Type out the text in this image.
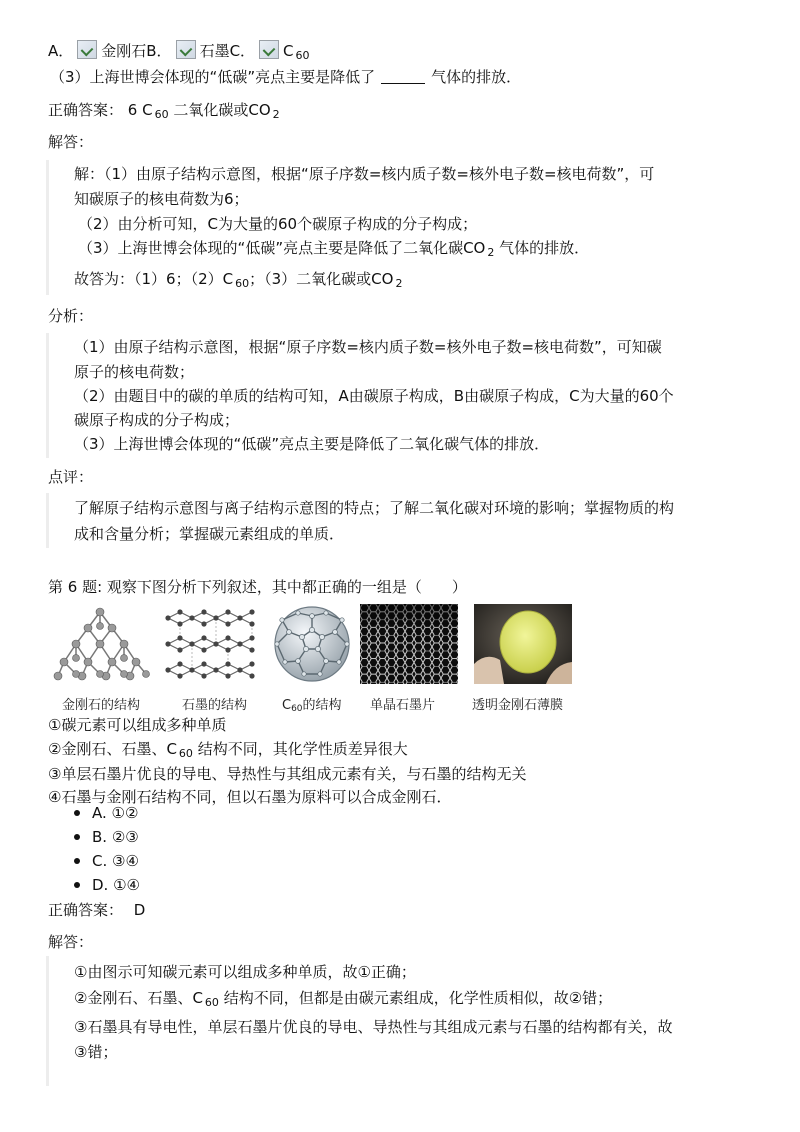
A． 金刚石B． 石墨C． C $_{60}$
（3）上海世博会体现的“低碳”亮点主要是降低了	气体的排放．
正确答案： 6 C $_{60}$ 二氧化碳或CO $_2$
解答：
解：（1）由原子结构示意图，根据“原子序数=核内质子数=核外电子数=核电荷数”，可
知碳原子的核电荷数为6；
（2）由分析可知，C为大量的60个碳原子构成的分子构成；
（3）上海世博会体现的“低碳”亮点主要是降低了二氧化碳CO $_2$ 气体的排放．
故答为：（1）6；（2）C $_{60}$；（3）二氧化碳或CO $_2$
分析：
（1）由原子结构示意图，根据“原子序数=核内质子数=核外电子数=核电荷数”，可知碳
原子的核电荷数；
（2）由题目中的碳的单质的结构可知，A由碳原子构成，B由碳原子构成，C为大量的60个
碳原子构成的分子构成；
（3）上海世博会体现的“低碳”亮点主要是降低了二氧化碳气体的排放．
点评：
了解原子结构示意图与离子结构示意图的特点；了解二氧化碳对环境的影响；掌握物质的构
成和含量分析；掌握碳元素组成的单质．
第 6 题: 观察下图分析下列叙述，其中都正确的一组是（　　）
金刚石的结构	石墨的结构	C60的结构 单晶石墨片	透明金刚石薄膜
①碳元素可以组成多种单质
②金刚石、石墨、C $_{60}$ 结构不同，其化学性质差异很大
③单层石墨片优良的导电、导热性与其组成元素有关，与石墨的结构无关
④石墨与金刚石结构不同，但以石墨为原料可以合成金刚石．
A. ①②
B. ②③
C. ③④
D. ①④
正确答案： D
解答：
①由图示可知碳元素可以组成多种单质，故①正确；
②金刚石、石墨、C $_{60}$ 结构不同，但都是由碳元素组成，化学性质相似，故②错；
③石墨具有导电性，单层石墨片优良的导电、导热性与其组成元素与石墨的结构都有关，故
③错；
